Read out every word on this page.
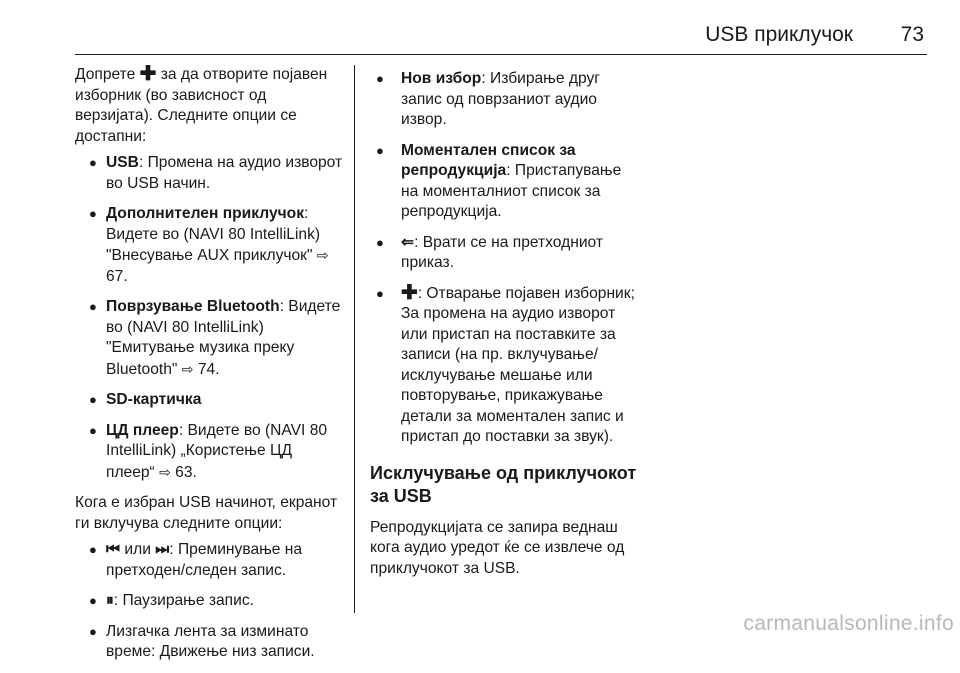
USB приклучок 73

Допрете ✚ за да отворите појавен изборник (во зависност од верзијата). Следните опции се достапни:

● USB: Промена на аудио изворот во USB начин.
● Дополнителен приклучок: Видете во (NAVI 80 IntelliLink) "Внесување AUX приклучок" ⇨ 67.
● Поврзување Bluetooth: Видете во (NAVI 80 IntelliLink) "Емитување музика преку Bluetooth" ⇨ 74.
● SD-картичка
● ЦД плеер: Видете во (NAVI 80 IntelliLink) „Користење ЦД плеер“ ⇨ 63.

Кога е избран USB начинот, екранот ги вклучува следните опции:

● ⏮ или ⏭: Преминување на претходен/следен запис.
● ⏸: Паузирање запис.
● Лизгачка лента за изминато време: Движење низ записи.
● Нов избор: Избирање друг запис од поврзаниот аудио извор.
● Моментален список за репродукција: Пристапување на моменталниот список за репродукција.
● ⇐: Врати се на претходниот приказ.
● ✚: Отварање појавен изборник; За промена на аудио изворот или пристап на поставките за записи (на пр. вклучување/исклучување мешање или повторување, прикажување детали за моментален запис и пристап до поставки за звук).
Исклучување од приклучокот за USB

Репродукцијата се запира веднаш кога аудио уредот ќе се извлече од приклучокот за USB.

carmanualsonline.info
